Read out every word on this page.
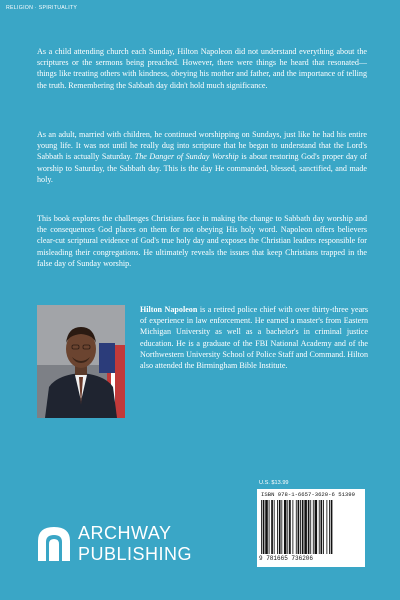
RELIGION · SPIRITUALITY

As a child attending church each Sunday, Hilton Napoleon did not understand everything about the scriptures or the sermons being preached. However, there were things he heard that resonated—things like treating others with kindness, obeying his mother and father, and the importance of telling the truth. Remembering the Sabbath day didn't hold much significance.

As an adult, married with children, he continued worshipping on Sundays, just like he had his entire young life. It was not until he really dug into scripture that he began to understand that the Lord's Sabbath is actually Saturday. The Danger of Sunday Worship is about restoring God's proper day of worship to Saturday, the Sabbath day. This is the day He commanded, blessed, sanctified, and made holy.

This book explores the challenges Christians face in making the change to Sabbath day worship and the consequences God places on them for not obeying His holy word. Napoleon offers believers clear-cut scriptural evidence of God's true holy day and exposes the Christian leaders responsible for misleading their congregations. He ultimately reveals the issues that keep Christians trapped in the false day of Sunday worship.

Hilton Napoleon is a retired police chief with over thirty-three years of experience in law enforcement. He earned a master's from Eastern Michigan University as well as a bachelor's in criminal justice education. He is a graduate of the FBI National Academy and of the Northwestern University School of Police Staff and Command. Hilton also attended the Birmingham Bible Institute.

U.S. $13.99
ISBN 978-1-6657-3620-6 51399
9 781665 736206
ARCHWAY
PUBLISHING
